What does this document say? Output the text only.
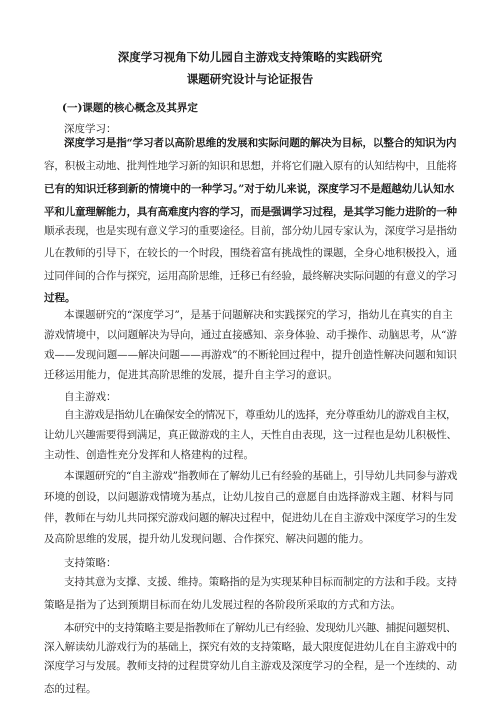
深度学习视角下幼儿园自主游戏支持策略的实践研究
课题研究设计与论证报告
(一)课题的核心概念及其界定
深度学习：
深度学习是指“学习者以高阶思维的发展和实际问题的解决为目标，以整合的知识为内
容，积极主动地、批判性地学习新的知识和思想，并将它们融入原有的认知结构中，且能将
已有的知识迁移到新的情境中的一种学习。”对于幼儿来说，深度学习不是超越幼儿认知水
平和儿童理解能力，具有高难度内容的学习，而是强调学习过程，是其学习能力进阶的一种
顺承表现，也是实现有意义学习的重要途径。目前，部分幼儿园专家认为，深度学习是指幼
儿在教师的引导下，在较长的一个时段，围绕着富有挑战性的课题，全身心地积极投入，通
过同伴间的合作与探究，运用高阶思维，迁移已有经验，最终解决实际问题的有意义的学习
过程。
本课题研究的“深度学习”，是基于问题解决和实践探究的学习，指幼儿在真实的自主
游戏情境中，以问题解决为导向，通过直接感知、亲身体验、动手操作、动脑思考，从“游
戏——发现问题——解决问题——再游戏”的不断轮回过程中，提升创造性解决问题和知识
迁移运用能力，促进其高阶思维的发展，提升自主学习的意识。
自主游戏：
自主游戏是指幼儿在确保安全的情况下，尊重幼儿的选择，充分尊重幼儿的游戏自主权，
让幼儿兴趣需要得到满足，真正做游戏的主人，天性自由表现，这一过程也是幼儿积极性、
主动性、创造性充分发挥和人格建构的过程。
本课题研究的“自主游戏”指教师在了解幼儿已有经验的基础上，引导幼儿共同参与游戏
环境的创设，以问题游戏情境为基点，让幼儿按自己的意愿自由选择游戏主题、材料与同
伴，教师在与幼儿共同探究游戏问题的解决过程中，促进幼儿在自主游戏中深度学习的生发
及高阶思维的发展，提升幼儿发现问题、合作探究、解决问题的能力。
支持策略：
支持其意为支撑、支援、维持。策略指的是为实现某种目标而制定的方法和手段。支持
策略是指为了达到预期目标而在幼儿发展过程的各阶段所采取的方式和方法。
本研究中的支持策略主要是指教师在了解幼儿已有经验、发现幼儿兴趣、捕捉问题契机、
深入解读幼儿游戏行为的基础上，探究有效的支持策略，最大限度促进幼儿在自主游戏中的
深度学习与发展。教师支持的过程贯穿幼儿自主游戏及深度学习的全程，是一个连续的、动
态的过程。
